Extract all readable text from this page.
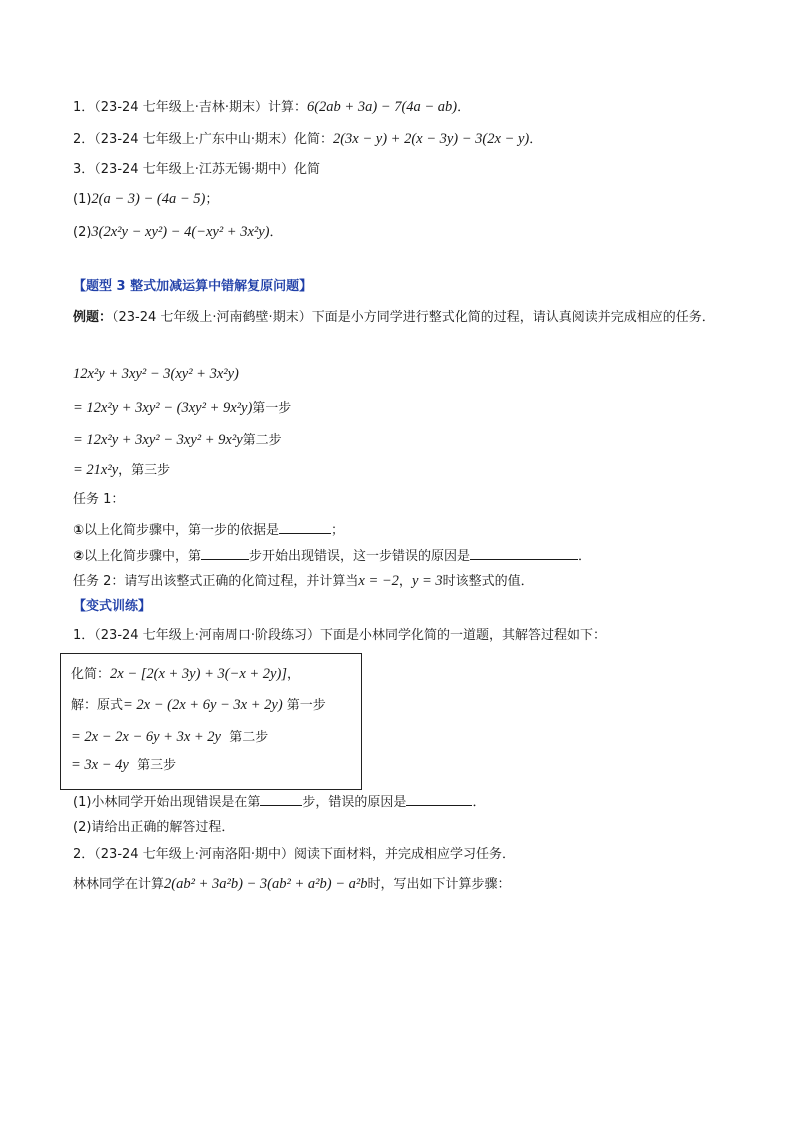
1．（23-24 七年级上·吉林·期末）计算：6(2ab + 3a) − 7(4a − ab)．
2．（23-24 七年级上·广东中山·期末）化简：2(3x − y) + 2(x − 3y) − 3(2x − y)．
3．（23-24 七年级上·江苏无锡·期中）化简
(1)2(a − 3) − (4a − 5)；
(2)3(2x²y − xy²) − 4(−xy² + 3x²y)．
【题型 3 整式加减运算中错解复原问题】
例题：（23-24 七年级上·河南鹤壁·期末）下面是小方同学进行整式化简的过程，请认真阅读并完成相应的任务．
12x²y + 3xy² − 3(xy² + 3x²y)
= 12x²y + 3xy² − (3xy² + 9x²y)第一步
= 12x²y + 3xy² − 3xy² + 9x²y第二步
= 21x²y，第三步
任务 1：
①以上化简步骤中，第一步的依据是	；
②以上化简步骤中，第	步开始出现错误，这一步错误的原因是	．
任务 2：请写出该整式正确的化简过程，并计算当x = −2，y = 3时该整式的值．
【变式训练】
1．（23-24 七年级上·河南周口·阶段练习）下面是小林同学化简的一道题，其解答过程如下：
化简：2x − [2(x + 3y) + 3(−x + 2y)]，
解：原式= 2x − (2x + 6y − 3x + 2y) 第一步
= 2x − 2x − 6y + 3x + 2y 第二步
= 3x − 4y 第三步
(1)小林同学开始出现错误是在第	步，错误的原因是	．
(2)请给出正确的解答过程．
2．（23-24 七年级上·河南洛阳·期中）阅读下面材料，并完成相应学习任务．
林林同学在计算2(ab² + 3a²b) − 3(ab² + a²b) − a²b时，写出如下计算步骤：
